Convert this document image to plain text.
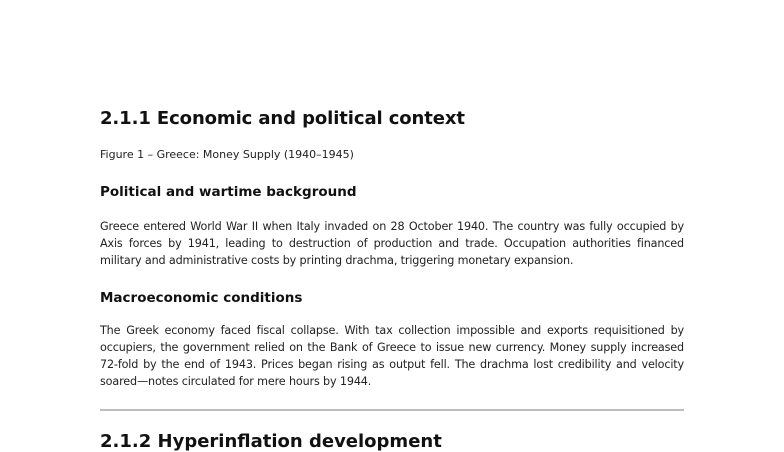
2.1.1 Economic and political context

Figure 1 – Greece: Money Supply (1940–1945)

Political and wartime background

Greece entered World War II when Italy invaded on 28 October 1940. The country was fully occupied by Axis forces by 1941, leading to destruction of production and trade. Occupation authorities financed military and administrative costs by printing drachma, triggering monetary expansion.

Macroeconomic conditions

The Greek economy faced fiscal collapse. With tax collection impossible and exports requisitioned by occupiers, the government relied on the Bank of Greece to issue new currency. Money supply increased 72-fold by the end of 1943. Prices began rising as output fell. The drachma lost credibility and velocity soared—notes circulated for mere hours by 1944.

2.1.2 Hyperinflation development
